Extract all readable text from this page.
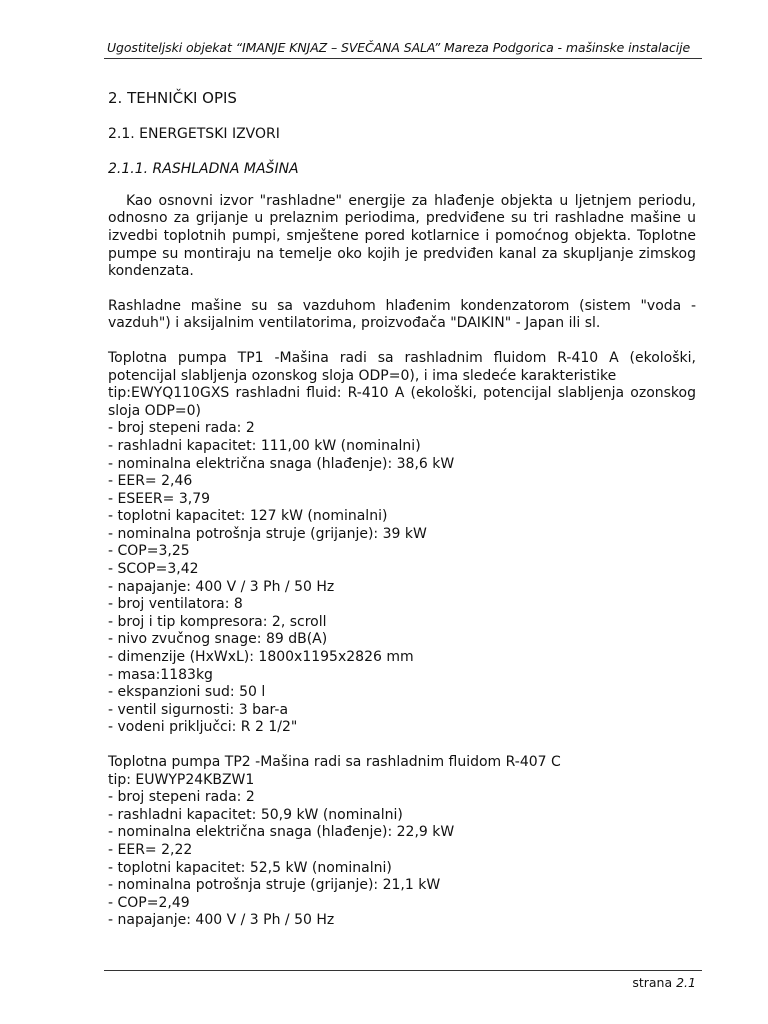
Ugostiteljski objekat “IMANJE KNJAZ – SVEČANA SALA” Mareza Podgorica - mašinske instalacije
2. TEHNIČKI OPIS
2.1. ENERGETSKI IZVORI
2.1.1. RASHLADNA MAŠINA

Kao osnovni izvor "rashladne" energije za hlađenje objekta u ljetnjem periodu, odnosno za grijanje u prelaznim periodima, predviđene su tri rashladne mašine u izvedbi toplotnih pumpi, smještene pored kotlarnice i pomoćnog objekta. Toplotne pumpe su montiraju na temelje oko kojih je predviđen kanal za skupljanje zimskog kondenzata.

Rashladne mašine su sa vazduhom hlađenim kondenzatorom (sistem "voda - vazduh") i aksijalnim ventilatorima, proizvođača "DAIKIN" - Japan ili sl.

Toplotna pumpa TP1 -Mašina radi sa rashladnim fluidom R-410 A (ekološki, potencijal slabljenja ozonskog sloja ODP=0), i ima sledeće karakteristike

tip:EWYQ110GXS rashladni fluid: R-410 A (ekološki, potencijal slabljenja ozonskog sloja ODP=0)

- broj stepeni rada: 2
- rashladni kapacitet: 111,00 kW (nominalni)
- nominalna električna snaga (hlađenje): 38,6 kW
- EER= 2,46
- ESEER= 3,79
- toplotni kapacitet: 127 kW (nominalni)
- nominalna potrošnja struje (grijanje): 39 kW
- COP=3,25
- SCOP=3,42
- napajanje: 400 V / 3 Ph / 50 Hz
- broj ventilatora: 8
- broj i tip kompresora: 2, scroll
- nivo zvučnog snage: 89 dB(A)
- dimenzije (HxWxL): 1800x1195x2826 mm
- masa:1183kg
- ekspanzioni sud: 50 l
- ventil sigurnosti: 3 bar-a
- vodeni priključci: R 2 1/2"

Toplotna pumpa TP2 -Mašina radi sa rashladnim fluidom R-407 C

tip: EUWYP24KBZW1

- broj stepeni rada: 2
- rashladni kapacitet: 50,9 kW (nominalni)
- nominalna električna snaga (hlađenje): 22,9 kW
- EER= 2,22
- toplotni kapacitet: 52,5 kW (nominalni)
- nominalna potrošnja struje (grijanje): 21,1 kW
- COP=2,49
- napajanje: 400 V / 3 Ph / 50 Hz
strana 2.1
